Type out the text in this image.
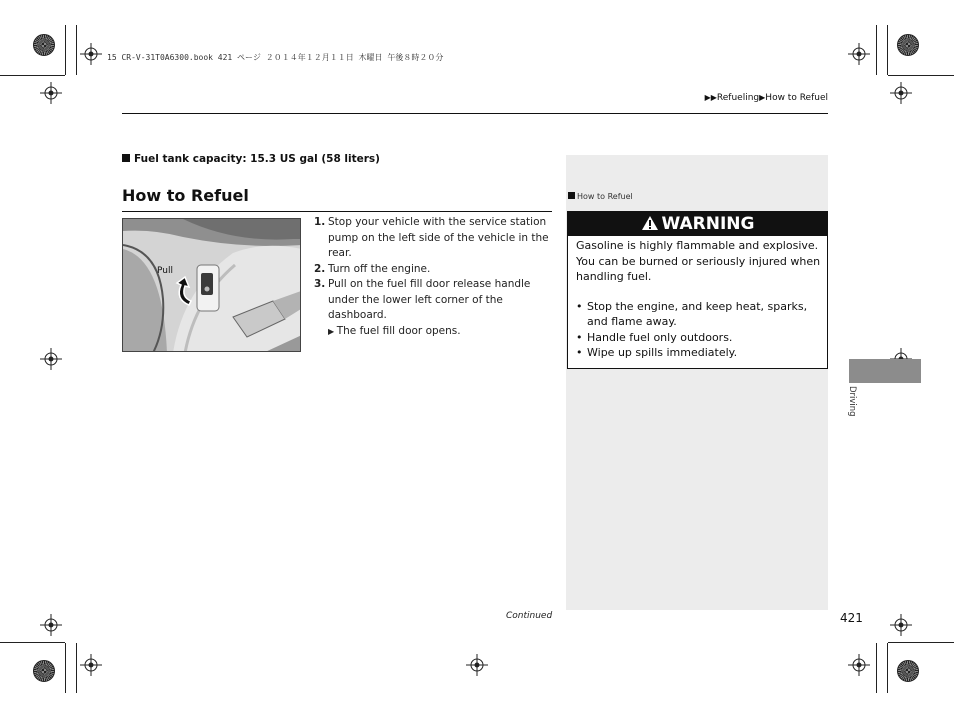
15 CR-V-31T0A6300.book 421 ページ ２０１４年１２月１１日 木曜日 午後８時２０分
▶▶Refueling▶How to Refuel
Fuel tank capacity: 15.3 US gal (58 liters)
How to Refuel
Pull
1. Stop your vehicle with the service station pump on the left side of the vehicle in the rear.
2. Turn off the engine.
3. Pull on the fuel fill door release handle under the lower left corner of the dashboard.
▶ The fuel fill door opens.
Continued
How to Refuel
WARNING

Gasoline is highly flammable and explosive. You can be burned or seriously injured when handling fuel.

• Stop the engine, and keep heat, sparks, and flame away.
• Handle fuel only outdoors.
• Wipe up spills immediately.
Driving
421
